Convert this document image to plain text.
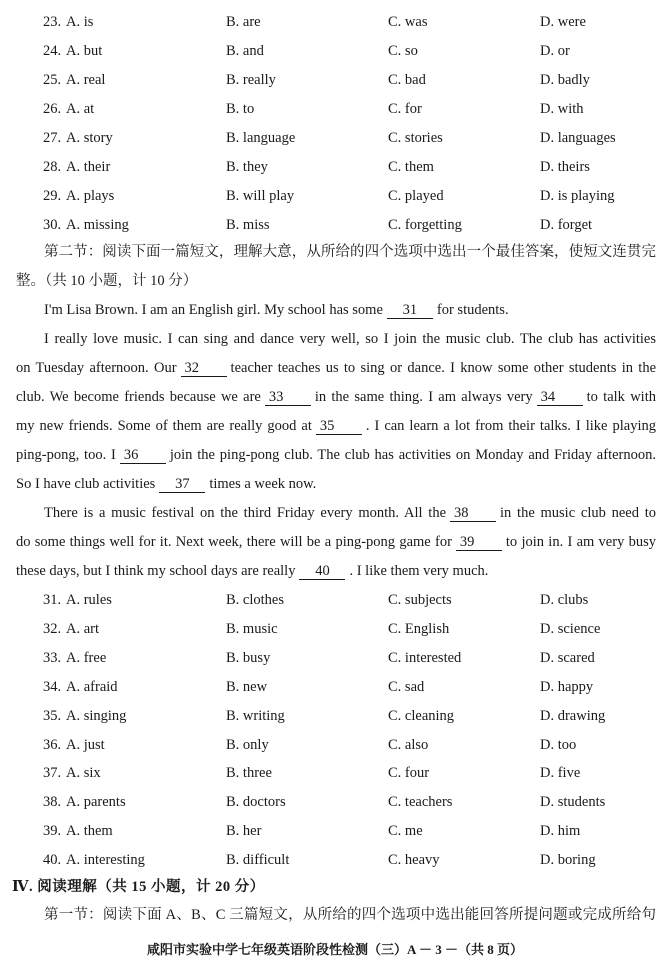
23. A. is	B. are	C. was	D. were
24. A. but	B. and	C. so	D. or
25. A. real	B. really	C. bad	D. badly
26. A. at	B. to	C. for	D. with
27. A. story	B. language	C. stories	D. languages
28. A. their	B. they	C. them	D. theirs
29. A. plays	B. will play	C. played	D. is playing
30. A. missing	B. miss	C. forgetting	D. forget
第二节：阅读下面一篇短文，理解大意，从所给的四个选项中选出一个最佳答案，使短文连贯完
整。（共 10 小题，计 10 分）
I'm Lisa Brown. I am an English girl. My school has some 31 for students.
I really love music. I can sing and dance very well, so I join the music club. The club has activities
on Tuesday afternoon. Our 32 teacher teaches us to sing or dance. I know some other students in the
club. We become friends because we are 33 in the same thing. I am always very 34 to talk with
my new friends. Some of them are really good at 35 . I can learn a lot from their talks. I like playing
ping-pong, too. I 36 join the ping-pong club. The club has activities on Monday and Friday afternoon.
So I have club activities 37 times a week now.
There is a music festival on the third Friday every month. All the 38 in the music club need to
do some things well for it. Next week, there will be a ping-pong game for 39 to join in. I am very busy
these days, but I think my school days are really 40 . I like them very much.
31. A. rules	B. clothes	C. subjects	D. clubs
32. A. art	B. music	C. English	D. science
33. A. free	B. busy	C. interested	D. scared
34. A. afraid	B. new	C. sad	D. happy
35. A. singing	B. writing	C. cleaning	D. drawing
36. A. just	B. only	C. also	D. too
37. A. six	B. three	C. four	D. five
38. A. parents	B. doctors	C. teachers	D. students
39. A. them	B. her	C. me	D. him
40. A. interesting	B. difficult	C. heavy	D. boring
Ⅳ. 阅读理解（共 15 小题，计 20 分）
第一节：阅读下面 A、B、C 三篇短文，从所给的四个选项中选出能回答所提问题或完成所给句
咸阳市实验中学七年级英语阶段性检测（三）A － 3 －（共 8 页）
